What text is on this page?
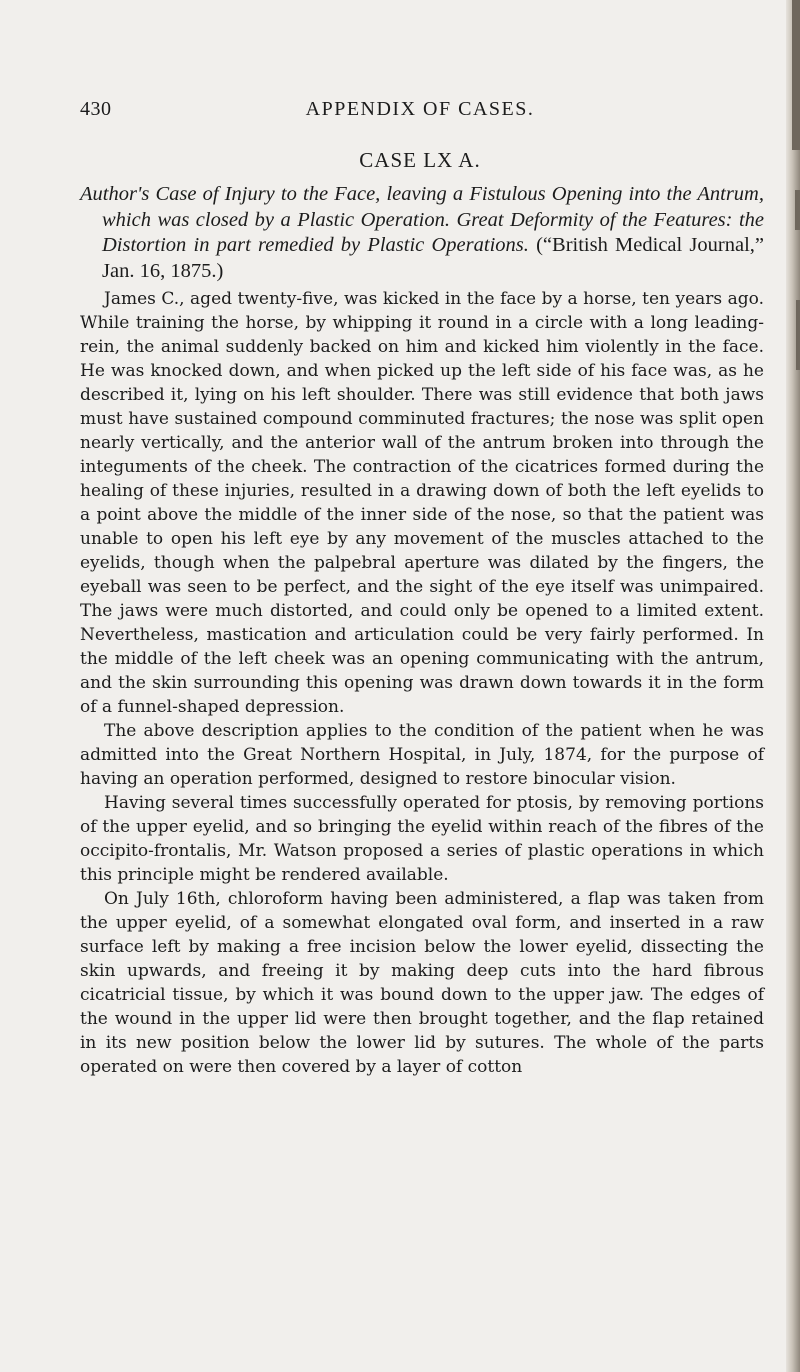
430	APPENDIX OF CASES.
CASE LX A.

Author's Case of Injury to the Face, leaving a Fistulous Opening into the Antrum, which was closed by a Plastic Operation. Great Deformity of the Features: the Distortion in part remedied by Plastic Operations. (“British Medical Journal,” Jan. 16, 1875.)

James C., aged twenty-five, was kicked in the face by a horse, ten years ago. While training the horse, by whipping it round in a circle with a long leading-rein, the animal suddenly backed on him and kicked him violently in the face. He was knocked down, and when picked up the left side of his face was, as he described it, lying on his left shoulder. There was still evidence that both jaws must have sustained compound comminuted fractures; the nose was split open nearly vertically, and the anterior wall of the antrum broken into through the integuments of the cheek. The contraction of the cicatrices formed during the healing of these injuries, resulted in a drawing down of both the left eyelids to a point above the middle of the inner side of the nose, so that the patient was unable to open his left eye by any movement of the muscles attached to the eyelids, though when the palpebral aperture was dilated by the fingers, the eyeball was seen to be perfect, and the sight of the eye itself was unimpaired. The jaws were much distorted, and could only be opened to a limited extent. Nevertheless, mastication and articulation could be very fairly performed. In the middle of the left cheek was an opening communicating with the antrum, and the skin surrounding this opening was drawn down towards it in the form of a funnel-shaped depression.

The above description applies to the condition of the patient when he was admitted into the Great Northern Hospital, in July, 1874, for the purpose of having an operation performed, designed to restore binocular vision.

Having several times successfully operated for ptosis, by removing portions of the upper eyelid, and so bringing the eyelid within reach of the fibres of the occipito-frontalis, Mr. Watson proposed a series of plastic operations in which this principle might be rendered available.

On July 16th, chloroform having been administered, a flap was taken from the upper eyelid, of a somewhat elongated oval form, and inserted in a raw surface left by making a free incision below the lower eyelid, dissecting the skin upwards, and freeing it by making deep cuts into the hard fibrous cicatricial tissue, by which it was bound down to the upper jaw. The edges of the wound in the upper lid were then brought together, and the flap retained in its new position below the lower lid by sutures. The whole of the parts operated on were then covered by a layer of cotton
